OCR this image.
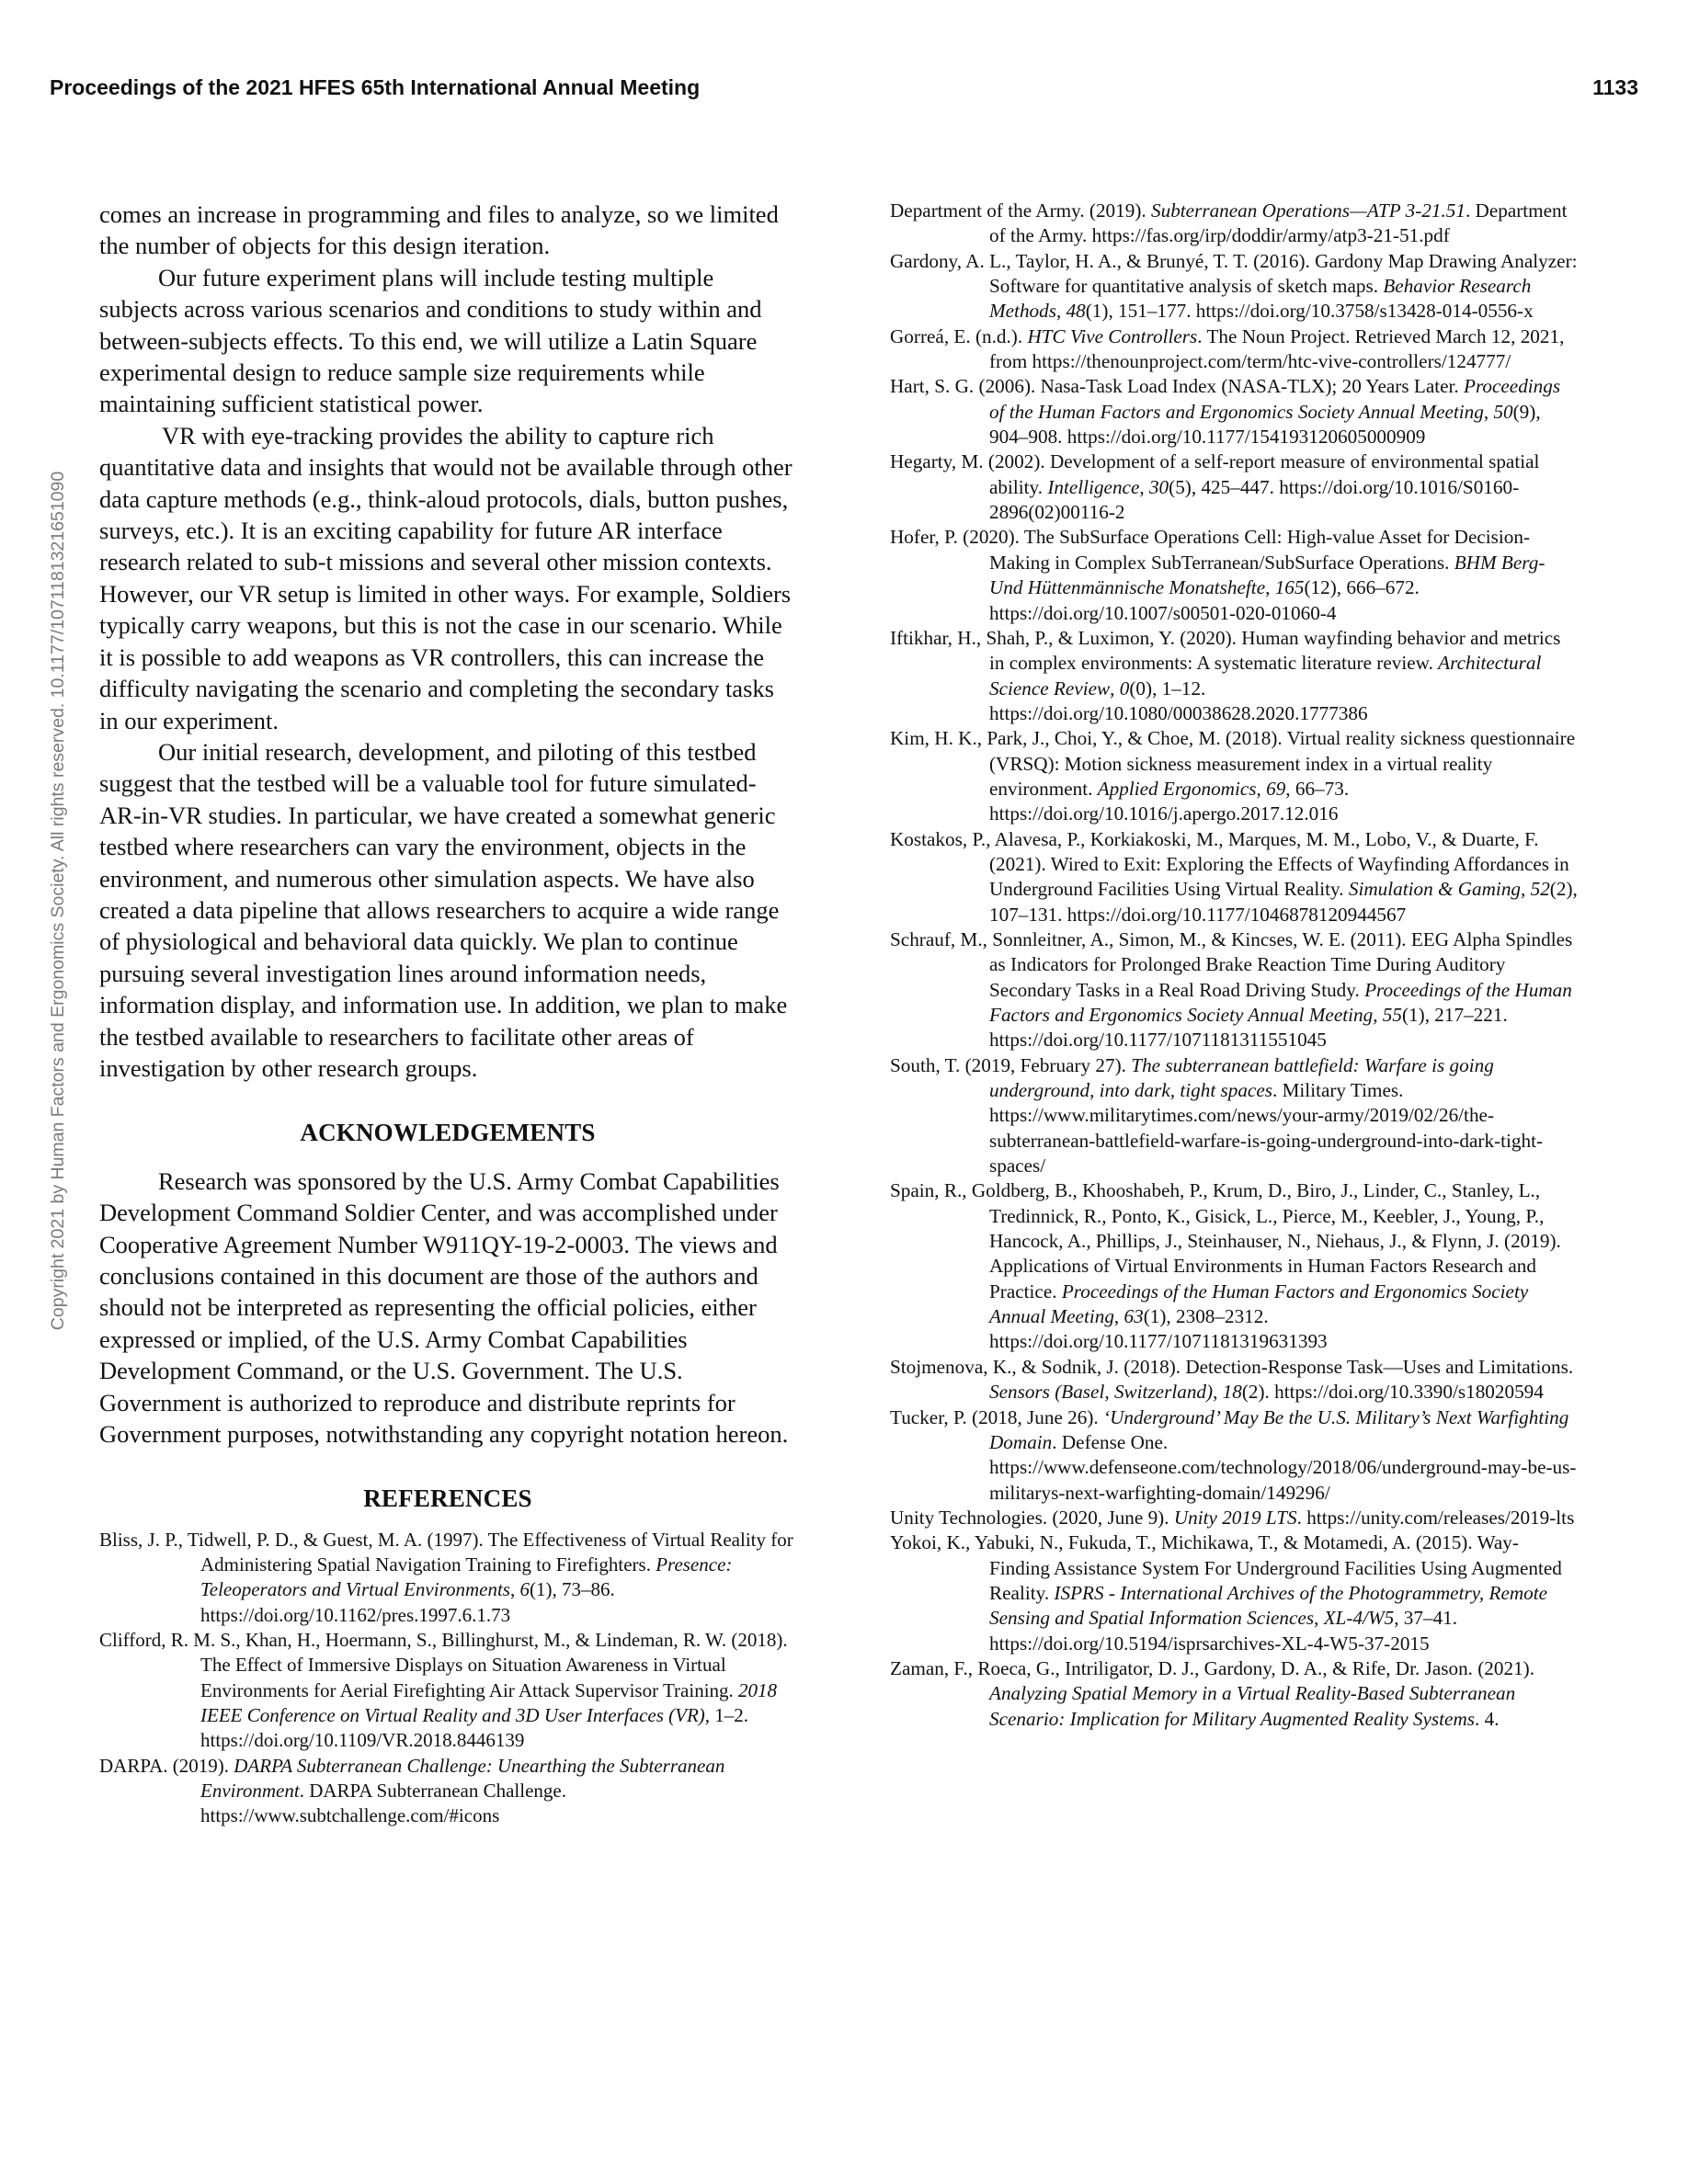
Proceedings of the 2021 HFES 65th International Annual Meeting	1133
Copyright 2021 by Human Factors and Ergonomics Society. All rights reserved. 10.1177/1071181321651090

comes an increase in programming and files to analyze, so we limited the number of objects for this design iteration.

Our future experiment plans will include testing multiple subjects across various scenarios and conditions to study within and between-subjects effects. To this end, we will utilize a Latin Square experimental design to reduce sample size requirements while maintaining sufficient statistical power.

VR with eye-tracking provides the ability to capture rich quantitative data and insights that would not be available through other data capture methods (e.g., think-aloud protocols, dials, button pushes, surveys, etc.). It is an exciting capability for future AR interface research related to sub-t missions and several other mission contexts. However, our VR setup is limited in other ways. For example, Soldiers typically carry weapons, but this is not the case in our scenario. While it is possible to add weapons as VR controllers, this can increase the difficulty navigating the scenario and completing the secondary tasks in our experiment.

Our initial research, development, and piloting of this testbed suggest that the testbed will be a valuable tool for future simulated-AR-in-VR studies. In particular, we have created a somewhat generic testbed where researchers can vary the environment, objects in the environment, and numerous other simulation aspects. We have also created a data pipeline that allows researchers to acquire a wide range of physiological and behavioral data quickly. We plan to continue pursuing several investigation lines around information needs, information display, and information use. In addition, we plan to make the testbed available to researchers to facilitate other areas of investigation by other research groups.

ACKNOWLEDGEMENTS

Research was sponsored by the U.S. Army Combat Capabilities Development Command Soldier Center, and was accomplished under Cooperative Agreement Number W911QY-19-2-0003. The views and conclusions contained in this document are those of the authors and should not be interpreted as representing the official policies, either expressed or implied, of the U.S. Army Combat Capabilities Development Command, or the U.S. Government. The U.S. Government is authorized to reproduce and distribute reprints for Government purposes, notwithstanding any copyright notation hereon.

REFERENCES

Bliss, J. P., Tidwell, P. D., & Guest, M. A. (1997). The Effectiveness of Virtual Reality for Administering Spatial Navigation Training to Firefighters. Presence: Teleoperators and Virtual Environments, 6(1), 73–86. https://doi.org/10.1162/pres.1997.6.1.73

Clifford, R. M. S., Khan, H., Hoermann, S., Billinghurst, M., & Lindeman, R. W. (2018). The Effect of Immersive Displays on Situation Awareness in Virtual Environments for Aerial Firefighting Air Attack Supervisor Training. 2018 IEEE Conference on Virtual Reality and 3D User Interfaces (VR), 1–2. https://doi.org/10.1109/VR.2018.8446139

DARPA. (2019). DARPA Subterranean Challenge: Unearthing the Subterranean Environment. DARPA Subterranean Challenge. https://www.subtchallenge.com/#icons

Department of the Army. (2019). Subterranean Operations—ATP 3-21.51. Department of the Army. https://fas.org/irp/doddir/army/atp3-21-51.pdf

Gardony, A. L., Taylor, H. A., & Brunyé, T. T. (2016). Gardony Map Drawing Analyzer: Software for quantitative analysis of sketch maps. Behavior Research Methods, 48(1), 151–177. https://doi.org/10.3758/s13428-014-0556-x

Gorreá, E. (n.d.). HTC Vive Controllers. The Noun Project. Retrieved March 12, 2021, from https://thenounproject.com/term/htc-vive-controllers/124777/

Hart, S. G. (2006). Nasa-Task Load Index (NASA-TLX); 20 Years Later. Proceedings of the Human Factors and Ergonomics Society Annual Meeting, 50(9), 904–908. https://doi.org/10.1177/154193120605000909

Hegarty, M. (2002). Development of a self-report measure of environmental spatial ability. Intelligence, 30(5), 425–447. https://doi.org/10.1016/S0160-2896(02)00116-2

Hofer, P. (2020). The SubSurface Operations Cell: High-value Asset for Decision-Making in Complex SubTerranean/SubSurface Operations. BHM Berg- Und Hüttenmännische Monatshefte, 165(12), 666–672. https://doi.org/10.1007/s00501-020-01060-4

Iftikhar, H., Shah, P., & Luximon, Y. (2020). Human wayfinding behavior and metrics in complex environments: A systematic literature review. Architectural Science Review, 0(0), 1–12. https://doi.org/10.1080/00038628.2020.1777386

Kim, H. K., Park, J., Choi, Y., & Choe, M. (2018). Virtual reality sickness questionnaire (VRSQ): Motion sickness measurement index in a virtual reality environment. Applied Ergonomics, 69, 66–73. https://doi.org/10.1016/j.apergo.2017.12.016

Kostakos, P., Alavesa, P., Korkiakoski, M., Marques, M. M., Lobo, V., & Duarte, F. (2021). Wired to Exit: Exploring the Effects of Wayfinding Affordances in Underground Facilities Using Virtual Reality. Simulation & Gaming, 52(2), 107–131. https://doi.org/10.1177/1046878120944567

Schrauf, M., Sonnleitner, A., Simon, M., & Kincses, W. E. (2011). EEG Alpha Spindles as Indicators for Prolonged Brake Reaction Time During Auditory Secondary Tasks in a Real Road Driving Study. Proceedings of the Human Factors and Ergonomics Society Annual Meeting, 55(1), 217–221. https://doi.org/10.1177/1071181311551045

South, T. (2019, February 27). The subterranean battlefield: Warfare is going underground, into dark, tight spaces. Military Times. https://www.militarytimes.com/news/your-army/2019/02/26/the-subterranean-battlefield-warfare-is-going-underground-into-dark-tight-spaces/

Spain, R., Goldberg, B., Khooshabeh, P., Krum, D., Biro, J., Linder, C., Stanley, L., Tredinnick, R., Ponto, K., Gisick, L., Pierce, M., Keebler, J., Young, P., Hancock, A., Phillips, J., Steinhauser, N., Niehaus, J., & Flynn, J. (2019). Applications of Virtual Environments in Human Factors Research and Practice. Proceedings of the Human Factors and Ergonomics Society Annual Meeting, 63(1), 2308–2312. https://doi.org/10.1177/1071181319631393

Stojmenova, K., & Sodnik, J. (2018). Detection-Response Task—Uses and Limitations. Sensors (Basel, Switzerland), 18(2). https://doi.org/10.3390/s18020594

Tucker, P. (2018, June 26). ‘Underground’ May Be the U.S. Military’s Next Warfighting Domain. Defense One. https://www.defenseone.com/technology/2018/06/underground-may-be-us-militarys-next-warfighting-domain/149296/

Unity Technologies. (2020, June 9). Unity 2019 LTS. https://unity.com/releases/2019-lts

Yokoi, K., Yabuki, N., Fukuda, T., Michikawa, T., & Motamedi, A. (2015). Way-Finding Assistance System For Underground Facilities Using Augmented Reality. ISPRS - International Archives of the Photogrammetry, Remote Sensing and Spatial Information Sciences, XL-4/W5, 37–41. https://doi.org/10.5194/isprsarchives-XL-4-W5-37-2015

Zaman, F., Roeca, G., Intriligator, D. J., Gardony, D. A., & Rife, Dr. Jason. (2021). Analyzing Spatial Memory in a Virtual Reality-Based Subterranean Scenario: Implication for Military Augmented Reality Systems. 4.
